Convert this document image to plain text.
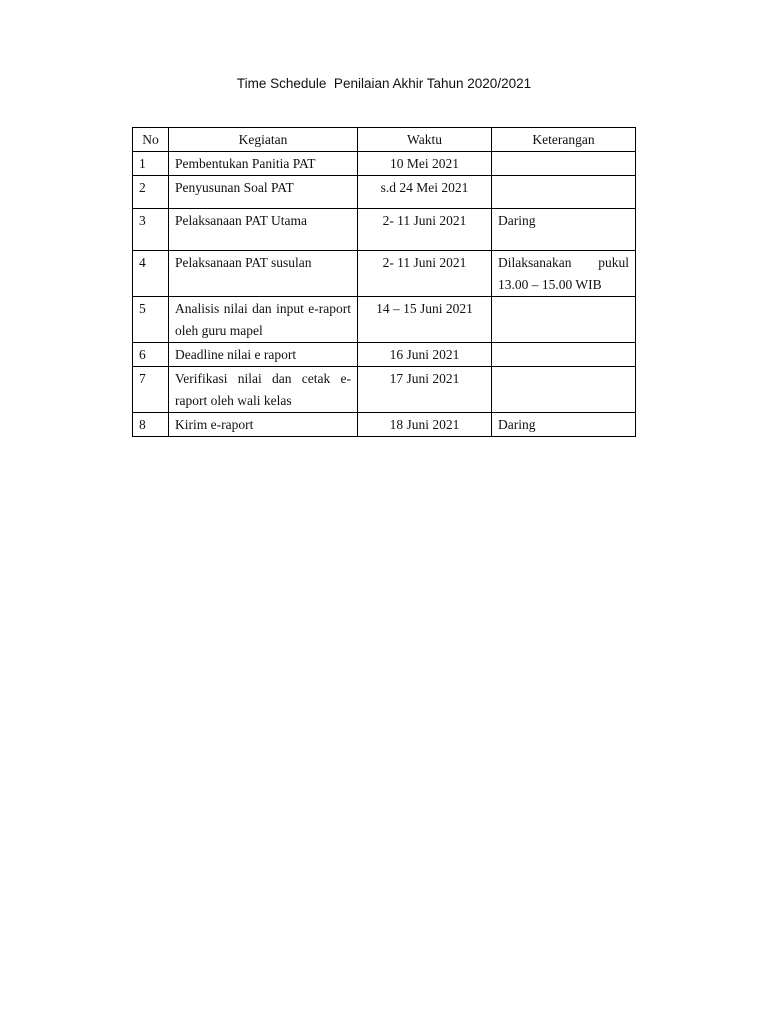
Time Schedule  Penilaian Akhir Tahun 2020/2021
No	Kegiatan	Waktu	Keterangan
1	Pembentukan Panitia PAT	10 Mei 2021	
2	Penyusunan Soal PAT	s.d 24 Mei 2021	
3	Pelaksanaan PAT Utama	2- 11 Juni 2021	Daring
4	Pelaksanaan PAT susulan	2- 11 Juni 2021	Dilaksanakan pukul 13.00 – 15.00 WIB
5	Analisis nilai dan input e-raport oleh guru mapel	14 – 15 Juni 2021	
6	Deadline nilai e raport	16 Juni 2021	
7	Verifikasi nilai dan cetak e-raport oleh wali kelas	17 Juni 2021	
8	Kirim e-raport	18 Juni 2021	Daring
